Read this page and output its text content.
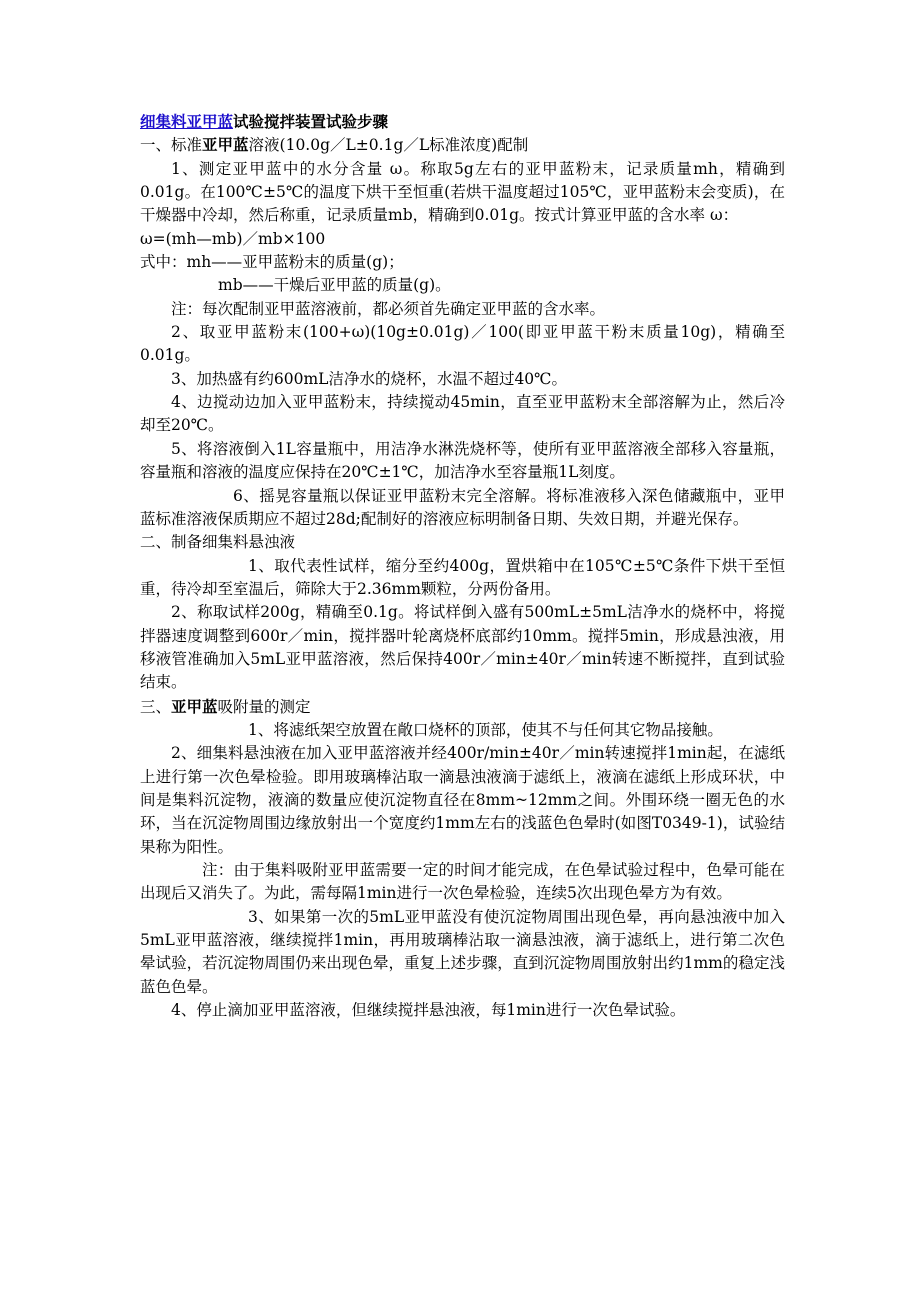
细集料亚甲蓝试验搅拌装置试验步骤

一、标准亚甲蓝溶液(10.0g／L±0.1g／L标准浓度)配制

1、测定亚甲蓝中的水分含量 ω。称取5g左右的亚甲蓝粉末，记录质量mh，精确到0.01g。在100℃±5℃的温度下烘干至恒重(若烘干温度超过105℃，亚甲蓝粉末会变质)，在干燥器中冷却，然后称重，记录质量mb，精确到0.01g。按式计算亚甲蓝的含水率 ω：

ω=(mh—mb)／mb×100

式中：mh——亚甲蓝粉末的质量(g)；

mb——干燥后亚甲蓝的质量(g)。

注：每次配制亚甲蓝溶液前，都必须首先确定亚甲蓝的含水率。

2、取亚甲蓝粉末(100+ω)(10g±0.01g)／100(即亚甲蓝干粉末质量10g)，精确至0.01g。

3、加热盛有约600mL洁净水的烧杯，水温不超过40℃。

4、边搅动边加入亚甲蓝粉末，持续搅动45min，直至亚甲蓝粉末全部溶解为止，然后冷却至20℃。

5、将溶液倒入1L容量瓶中，用洁净水淋洗烧杯等，使所有亚甲蓝溶液全部移入容量瓶，容量瓶和溶液的温度应保持在20℃±1℃，加洁净水至容量瓶1L刻度。

6、摇晃容量瓶以保证亚甲蓝粉末完全溶解。将标准液移入深色储藏瓶中，亚甲蓝标准溶液保质期应不超过28d;配制好的溶液应标明制备日期、失效日期，并避光保存。

二、制备细集料悬浊液

1、取代表性试样，缩分至约400g，置烘箱中在105℃±5℃条件下烘干至恒重，待冷却至室温后，筛除大于2.36mm颗粒，分两份备用。

2、称取试样200g，精确至0.1g。将试样倒入盛有500mL±5mL洁净水的烧杯中，将搅拌器速度调整到600r／min，搅拌器叶轮离烧杯底部约10mm。搅拌5min，形成悬浊液，用移液管准确加入5mL亚甲蓝溶液，然后保持400r／min±40r／min转速不断搅拌，直到试验结束。

三、亚甲蓝吸附量的测定

1、将滤纸架空放置在敞口烧杯的顶部，使其不与任何其它物品接触。

2、细集料悬浊液在加入亚甲蓝溶液并经400r/min±40r／min转速搅拌1min起，在滤纸上进行第一次色晕检验。即用玻璃棒沾取一滴悬浊液滴于滤纸上，液滴在滤纸上形成环状，中间是集料沉淀物，液滴的数量应使沉淀物直径在8mm~12mm之间。外围环绕一圈无色的水环，当在沉淀物周围边缘放射出一个宽度约1mm左右的浅蓝色色晕时(如图T0349-1)，试验结果称为阳性。

注：由于集料吸附亚甲蓝需要一定的时间才能完成，在色晕试验过程中，色晕可能在出现后又消失了。为此，需每隔1min进行一次色晕检验，连续5次出现色晕方为有效。

3、如果第一次的5mL亚甲蓝没有使沉淀物周围出现色晕，再向悬浊液中加入5mL亚甲蓝溶液，继续搅拌1min，再用玻璃棒沾取一滴悬浊液，滴于滤纸上，进行第二次色晕试验，若沉淀物周围仍来出现色晕，重复上述步骤，直到沉淀物周围放射出约1mm的稳定浅蓝色色晕。

4、停止滴加亚甲蓝溶液，但继续搅拌悬浊液，每1min进行一次色晕试验。
